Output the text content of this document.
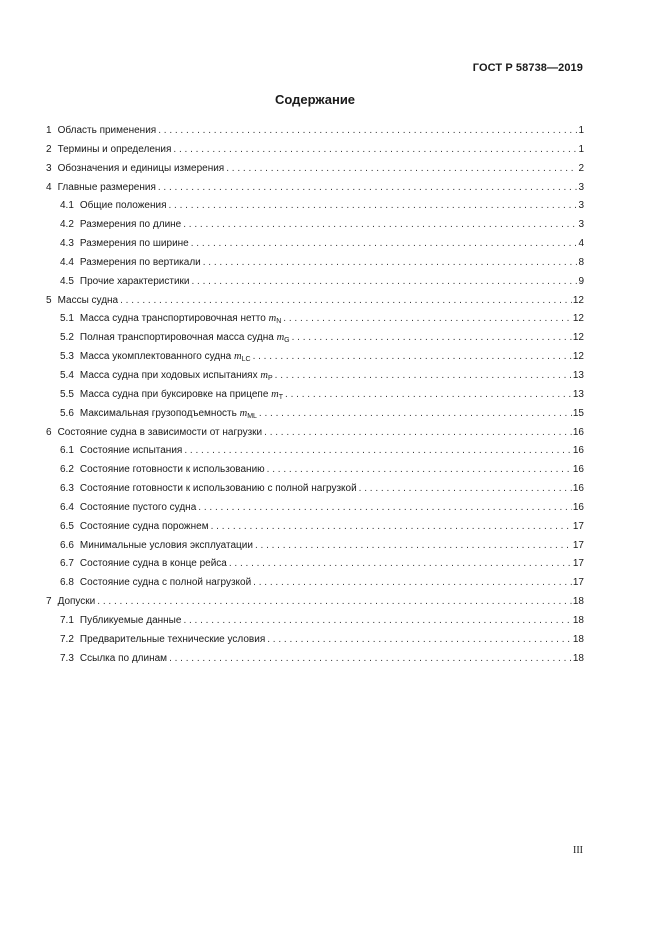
ГОСТ Р 58738—2019
Содержание
1 Область применения . . .	1
2 Термины и определения . . .	1
3 Обозначения и единицы измерения . . .	2
4 Главные размерения . . .	3
4.1 Общие положения . . .	3
4.2 Размерения по длине . . .	3
4.3 Размерения по ширине . . .	4
4.4 Размерения по вертикали . . .	8
4.5 Прочие характеристики . . .	9
5 Массы судна . . .	12
5.1 Масса судна транспортировочная нетто $m_N$ . . .	12
5.2 Полная транспортировочная масса судна $m_G$ . . .	12
5.3 Масса укомплектованного судна $m_{LC}$ . . .	12
5.4 Масса судна при ходовых испытаниях $m_P$ . . .	13
5.5 Масса судна при буксировке на прицепе $m_T$ . . .	13
5.6 Максимальная грузоподъемность $m_{ML}$ . . .	15
6 Состояние судна в зависимости от нагрузки . . .	16
6.1 Состояние испытания . . .	16
6.2 Состояние готовности к использованию . . .	16
6.3 Состояние готовности к использованию с полной нагрузкой . . .	16
6.4 Состояние пустого судна . . .	16
6.5 Состояние судна порожнем . . .	17
6.6 Минимальные условия эксплуатации . . .	17
6.7 Состояние судна в конце рейса . . .	17
6.8 Состояние судна с полной нагрузкой . . .	17
7 Допуски . . .	18
7.1 Публикуемые данные . . .	18
7.2 Предварительные технические условия . . .	18
7.3 Ссылка по длинам . . .	18
III
